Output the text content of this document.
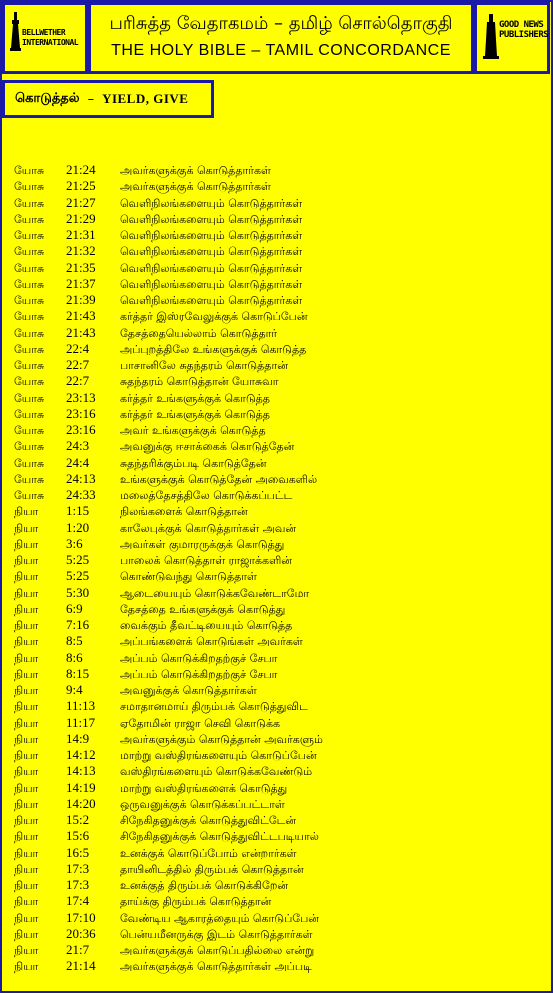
BELLWETHER
INTERNATIONAL
பரிசுத்த வேதாகமம் – தமிழ் சொல்தொகுதி
THE HOLY BIBLE – TAMIL CONCORDANCE
GOOD NEWS
PUBLISHERS
கொடுத்தல் – YIELD, GIVE
யோசு 21:24 அவர்களுக்குக் கொடுத்தார்கள்
யோசு 21:25 அவர்களுக்குக் கொடுத்தார்கள்
யோசு 21:27 வெளிநிலங்களையும் கொடுத்தார்கள்
யோசு 21:29 வெளிநிலங்களையும் கொடுத்தார்கள்
யோசு 21:31 வெளிநிலங்களையும் கொடுத்தார்கள்
யோசு 21:32 வெளிநிலங்களையும் கொடுத்தார்கள்
யோசு 21:35 வெளிநிலங்களையும் கொடுத்தார்கள்
யோசு 21:37 வெளிநிலங்களையும் கொடுத்தார்கள்
யோசு 21:39 வெளிநிலங்களையும் கொடுத்தார்கள்
யோசு 21:43 கர்த்தர் இஸ்ரவேலுக்குக் கொடுப்பேன்
யோசு 21:43 தேசத்தையெல்லாம் கொடுத்தார்
யோசு 22:4	அப்புறத்திலே உங்களுக்குக் கொடுத்த
யோசு 22:7	பாசானிலே சுதந்தரம் கொடுத்தான்
யோசு 22:7	சுதந்தரம் கொடுத்தான் யோசுவா
யோசு 23:13 கர்த்தர் உங்களுக்குக் கொடுத்த
யோசு 23:16 கர்த்தர் உங்களுக்குக் கொடுத்த
யோசு 23:16 அவர் உங்களுக்குக் கொடுத்த
யோசு 24:3	அவனுக்கு ஈசாக்கைக் கொடுத்தேன்
யோசு 24:4	சுதந்தரிக்கும்படி கொடுத்தேன்
யோசு 24:13 உங்களுக்குக் கொடுத்தேன் அவைகளில்
யோசு 24:33 மலைத்தேசத்திலே கொடுக்கப்பட்ட
நியா 1:15	நிலங்களைக் கொடுத்தான்
நியா 1:20	காலேபுக்குக் கொடுத்தார்கள் அவன்
நியா 3:6	அவர்கள் குமாரருக்குக் கொடுத்து
நியா 5:25	பாலைக் கொடுத்தாள் ராஜாக்களின்
நியா 5:25	கொண்டுவந்து கொடுத்தாள்
நியா 5:30	ஆடையையும் கொடுக்கவேண்டாமோ
நியா 6:9	தேசத்தை உங்களுக்குக் கொடுத்து
நியா 7:16	வைக்கும் தீவட்டியையும் கொடுத்த
நியா 8:5	அப்பங்களைக் கொடுங்கள் அவர்கள்
நியா 8:6	அப்பம் கொடுக்கிறதற்குச் சேபா
நியா 8:15	அப்பம் கொடுக்கிறதற்குச் சேபா
நியா 9:4	அவனுக்குக் கொடுத்தார்கள்
நியா 11:13 சமாதானமாய் திரும்பக் கொடுத்துவிட
நியா 11:17 ஏதோமின் ராஜா செவி கொடுக்க
நியா 14:9	அவர்களுக்கும் கொடுத்தான் அவர்களும்
நியா 14:12 மாற்று வஸ்திரங்களையும் கொடுப்பேன்
நியா 14:13 வஸ்திரங்களையும் கொடுக்கவேண்டும்
நியா 14:19 மாற்று வஸ்திரங்களைக் கொடுத்து
நியா 14:20 ஒருவனுக்குக் கொடுக்கப்பட்டாள்
நியா 15:2	சிநேகிதனுக்குக் கொடுத்துவிட்டேன்
நியா 15:6	சிநேகிதனுக்குக் கொடுத்துவிட்டபடியால்
நியா 16:5	உனக்குக் கொடுப்போம் என்றார்கள்
நியா 17:3	தாயினிடத்தில் திரும்பக் கொடுத்தான்
நியா 17:3	உனக்குத் திரும்பக் கொடுக்கிறேன்
நியா 17:4	தாய்க்கு திரும்பக் கொடுத்தான்
நியா 17:10 வேண்டிய ஆகாரத்தையும் கொடுப்பேன்
நியா 20:36 பென்யமீனருக்கு இடம் கொடுத்தார்கள்
நியா 21:7	அவர்களுக்குக் கொடுப்பதில்லை என்று
நியா 21:14 அவர்களுக்குக் கொடுத்தார்கள் அப்படி
